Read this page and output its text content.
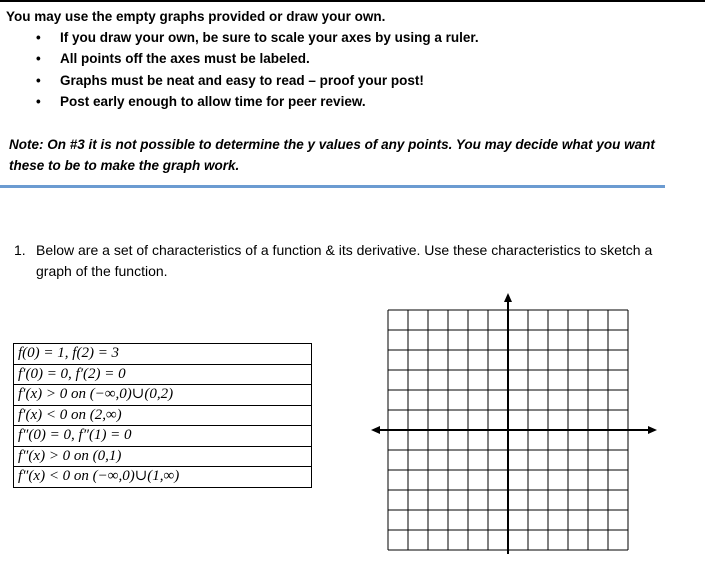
You may use the empty graphs provided or draw your own.

• If you draw your own, be sure to scale your axes by using a ruler.
• All points off the axes must be labeled.
• Graphs must be neat and easy to read – proof your post!
• Post early enough to allow time for peer review.

Note: On #3 it is not possible to determine the y values of any points. You may decide what you want these to be to make the graph work.

1. Below are a set of characteristics of a function & its derivative. Use these characteristics to sketch a graph of the function.
f(0) = 1, f(2) = 3
f′(0) = 0, f′(2) = 0
f′(x) > 0 on (−∞,0)∪(0,2)
f′(x) < 0 on (2,∞)
f″(0) = 0, f″(1) = 0
f″(x) > 0 on (0,1)
f″(x) < 0 on (−∞,0)∪(1,∞)
